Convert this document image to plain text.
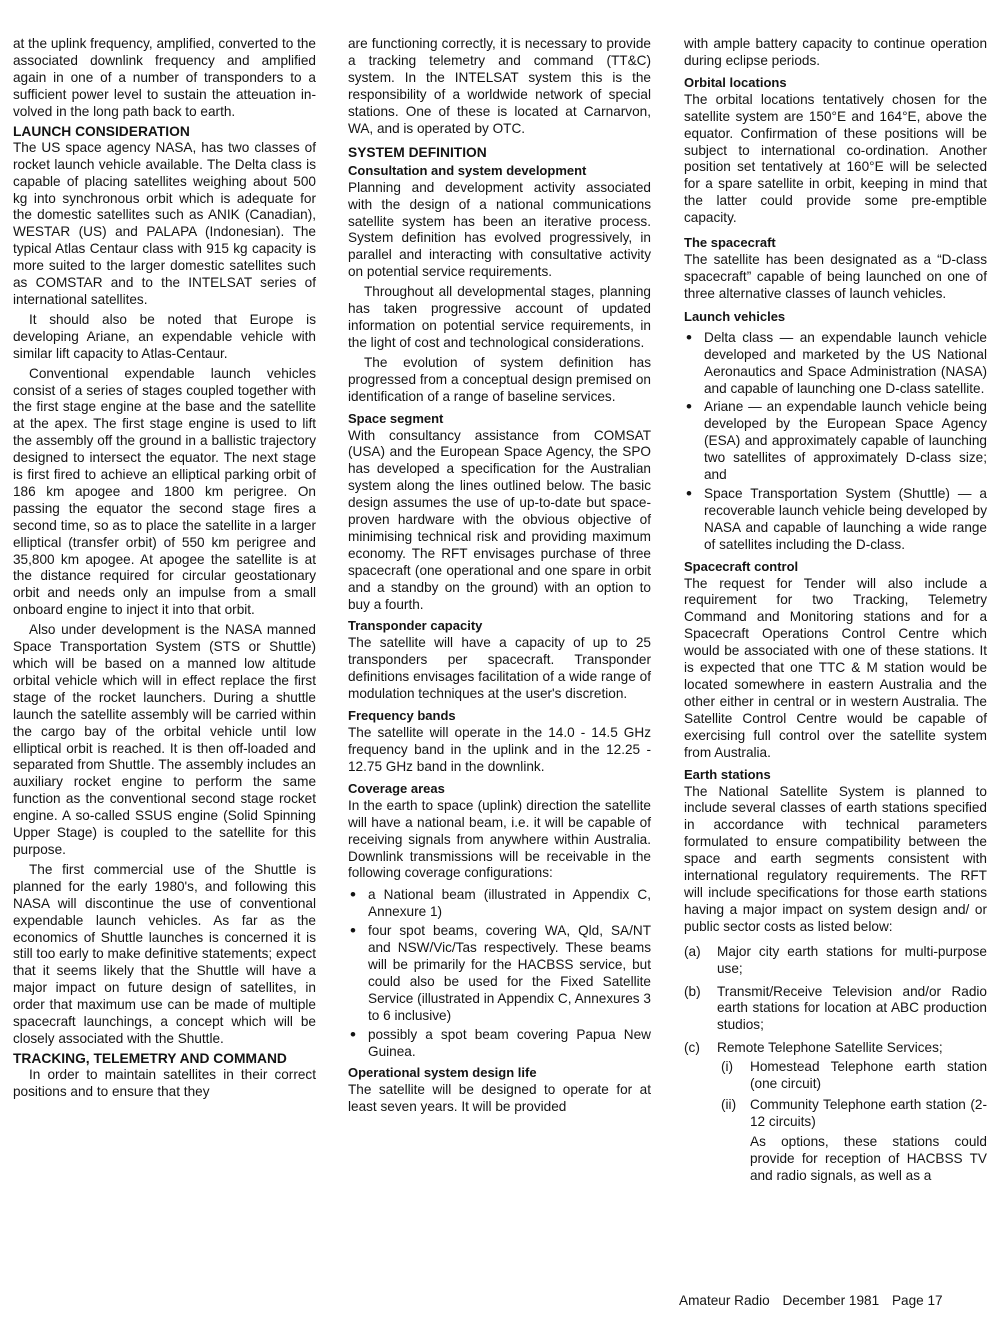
at the uplink frequency, amplified, converted to the associated downlink frequency and amplified again in one of a number of transponders to a sufficient power level to sustain the atteuation involved in the long path back to earth.

LAUNCH CONSIDERATION

The US space agency NASA, has two classes of rocket launch vehicle available. The Delta class is capable of placing satellites weighing about 500 kg into synchronous orbit which is adequate for the domestic satellites such as ANIK (Canadian), WESTAR (US) and PALAPA (Indonesian). The typical Atlas Centaur class with 915 kg capacity is more suited to the larger domestic satellites such as COMSTAR and to the INTELSAT series of international satellites.

It should also be noted that Europe is developing Ariane, an expendable vehicle with similar lift capacity to Atlas-Centaur.

Conventional expendable launch vehicles consist of a series of stages coupled together with the first stage engine at the base and the satellite at the apex. The first stage engine is used to lift the assembly off the ground in a ballistic trajectory designed to intersect the equator. The next stage is first fired to achieve an elliptical parking orbit of 186 km apogee and 1800 km perigree. On passing the equator the second stage fires a second time, so as to place the satellite in a larger elliptical (transfer orbit) of 550 km perigree and 35,800 km apogee. At apogee the satellite is at the distance required for circular geostationary orbit and needs only an impulse from a small onboard engine to inject it into that orbit.

Also under development is the NASA manned Space Transportation System (STS or Shuttle) which will be based on a manned low altitude orbital vehicle which will in effect replace the first stage of the rocket launchers. During a shuttle launch the satellite assembly will be carried within the cargo bay of the orbital vehicle until low elliptical orbit is reached. It is then off-loaded and separated from Shuttle. The assembly includes an auxiliary rocket engine to perform the same function as the conventional second stage rocket engine. A so-called SSUS engine (Solid Spinning Upper Stage) is coupled to the satellite for this purpose.

The first commercial use of the Shuttle is planned for the early 1980's, and following this NASA will discontinue the use of conventional expendable launch vehicles. As far as the economics of Shuttle launches is concerned it is still too early to make definitive statements; expect that it seems likely that the Shuttle will have a major impact on future design of satellites, in order that maximum use can be made of multiple spacecraft launchings, a concept which will be closely associated with the Shuttle.

TRACKING, TELEMETRY AND COMMAND

In order to maintain satellites in their correct positions and to ensure that they

are functioning correctly, it is necessary to provide a tracking telemetry and command (TT&C) system. In the INTELSAT system this is the responsibility of a worldwide network of special stations. One of these is located at Carnarvon, WA, and is operated by OTC.

SYSTEM DEFINITION
Consultation and system development

Planning and development activity associated with the design of a national communications satellite system has been an iterative process. System definition has evolved progressively, in parallel and interacting with consultative activity on potential service requirements.

Throughout all developmental stages, planning has taken progressive account of updated information on potential service requirements, in the light of cost and technological considerations.

The evolution of system definition has progressed from a conceptual design premised on identification of a range of baseline services.

Space segment

With consultancy assistance from COMSAT (USA) and the European Space Agency, the SPO has developed a specification for the Australian system along the lines outlined below. The basic design assumes the use of up-to-date but space-proven hardware with the obvious objective of minimising technical risk and providing maximum economy. The RFT envisages purchase of three spacecraft (one operational and one spare in orbit and a standby on the ground) with an option to buy a fourth.

Transponder capacity

The satellite will have a capacity of up to 25 transponders per spacecraft. Transponder definitions envisages facilitation of a wide range of modulation techniques at the user's discretion.

Frequency bands

The satellite will operate in the 14.0 - 14.5 GHz frequency band in the uplink and in the 12.25 - 12.75 GHz band in the downlink.

Coverage areas

In the earth to space (uplink) direction the satellite will have a national beam, i.e. it will be capable of receiving signals from anywhere within Australia. Downlink transmissions will be receivable in the following coverage configurations:

• a National beam (illustrated in Appendix C, Annexure 1)
• four spot beams, covering WA, Qld, SA/NT and NSW/Vic/Tas respectively. These beams will be primarily for the HACBSS service, but could also be used for the Fixed Satellite Service (illustrated in Appendix C, Annexures 3 to 6 inclusive)
• possibly a spot beam covering Papua New Guinea.
Operational system design life

The satellite will be designed to operate for at least seven years. It will be provided

with ample battery capacity to continue operation during eclipse periods.

Orbital locations

The orbital locations tentatively chosen for the satellite system are 150°E and 164°E, above the equator. Confirmation of these positions will be subject to international co-ordination. Another position set tentatively at 160°E will be selected for a spare satellite in orbit, keeping in mind that the latter could provide some pre-emptible capacity.

The spacecraft

The satellite has been designated as a “D-class spacecraft” capable of being launched on one of three alternative classes of launch vehicles.

Launch vehicles
• Delta class — an expendable launch vehicle developed and marketed by the US National Aeronautics and Space Administration (NASA) and capable of launching one D-class satellite.
• Ariane — an expendable launch vehicle being developed by the European Space Agency (ESA) and approximately capable of launching two satellites of approximately D-class size; and
• Space Transportation System (Shuttle) — a recoverable launch vehicle being developed by NASA and capable of launching a wide range of satellites including the D-class.
Spacecraft control

The request for Tender will also include a requirement for two Tracking, Telemetry Command and Monitoring stations and for a Spacecraft Operations Control Centre which would be associated with one of these stations. It is expected that one TTC & M station would be located somewhere in eastern Australia and the other either in central or in western Australia. The Satellite Control Centre would be capable of exercising full control over the satellite system from Australia.

Earth stations

The National Satellite System is planned to include several classes of earth stations specified in accordance with technical parameters formulated to ensure compatibility between the space and earth segments consistent with international regulatory requirements. The RFT will include specifications for those earth stations having a major impact on system design and/ or public sector costs as listed below:

(a) Major city earth stations for multi-purpose use;
(b) Transmit/Receive Television and/or Radio earth stations for location at ABC production studios;
(c) Remote Telephone Satellite Services;
(i) Homestead Telephone earth station (one circuit)
(ii) Community Telephone earth station (2-12 circuits)

As options, these stations could provide for reception of HACBSS TV and radio signals, as well as a

Amateur Radio December 1981 Page 17
